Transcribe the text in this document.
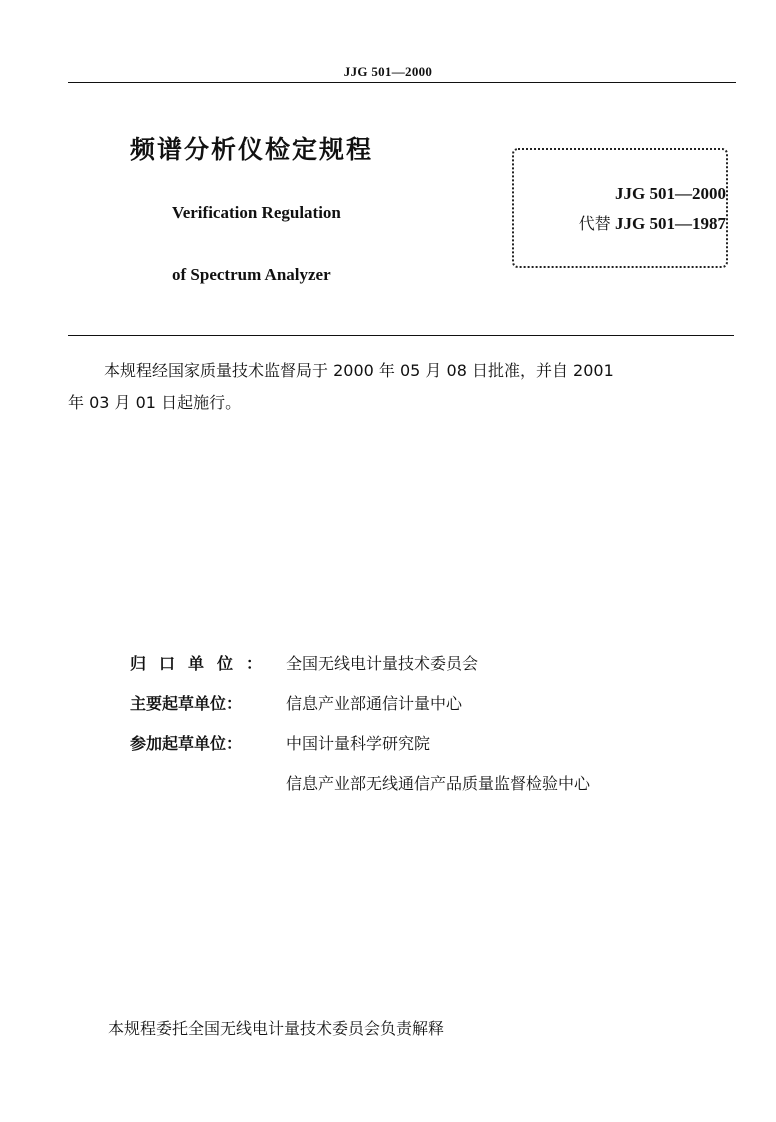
JJG 501—2000
频谱分析仪检定规程
Verification Regulation
of Spectrum Analyzer
JJG 501—2000
代替 JJG 501—1987
本规程经国家质量技术监督局于 2000 年 05 月 08 日批准，并自 2001
年 03 月 01 日起施行。
归口单位： 全国无线电计量技术委员会
主要起草单位：	信息产业部通信计量中心
参加起草单位：	中国计量科学研究院
信息产业部无线通信产品质量监督检验中心
本规程委托全国无线电计量技术委员会负责解释
